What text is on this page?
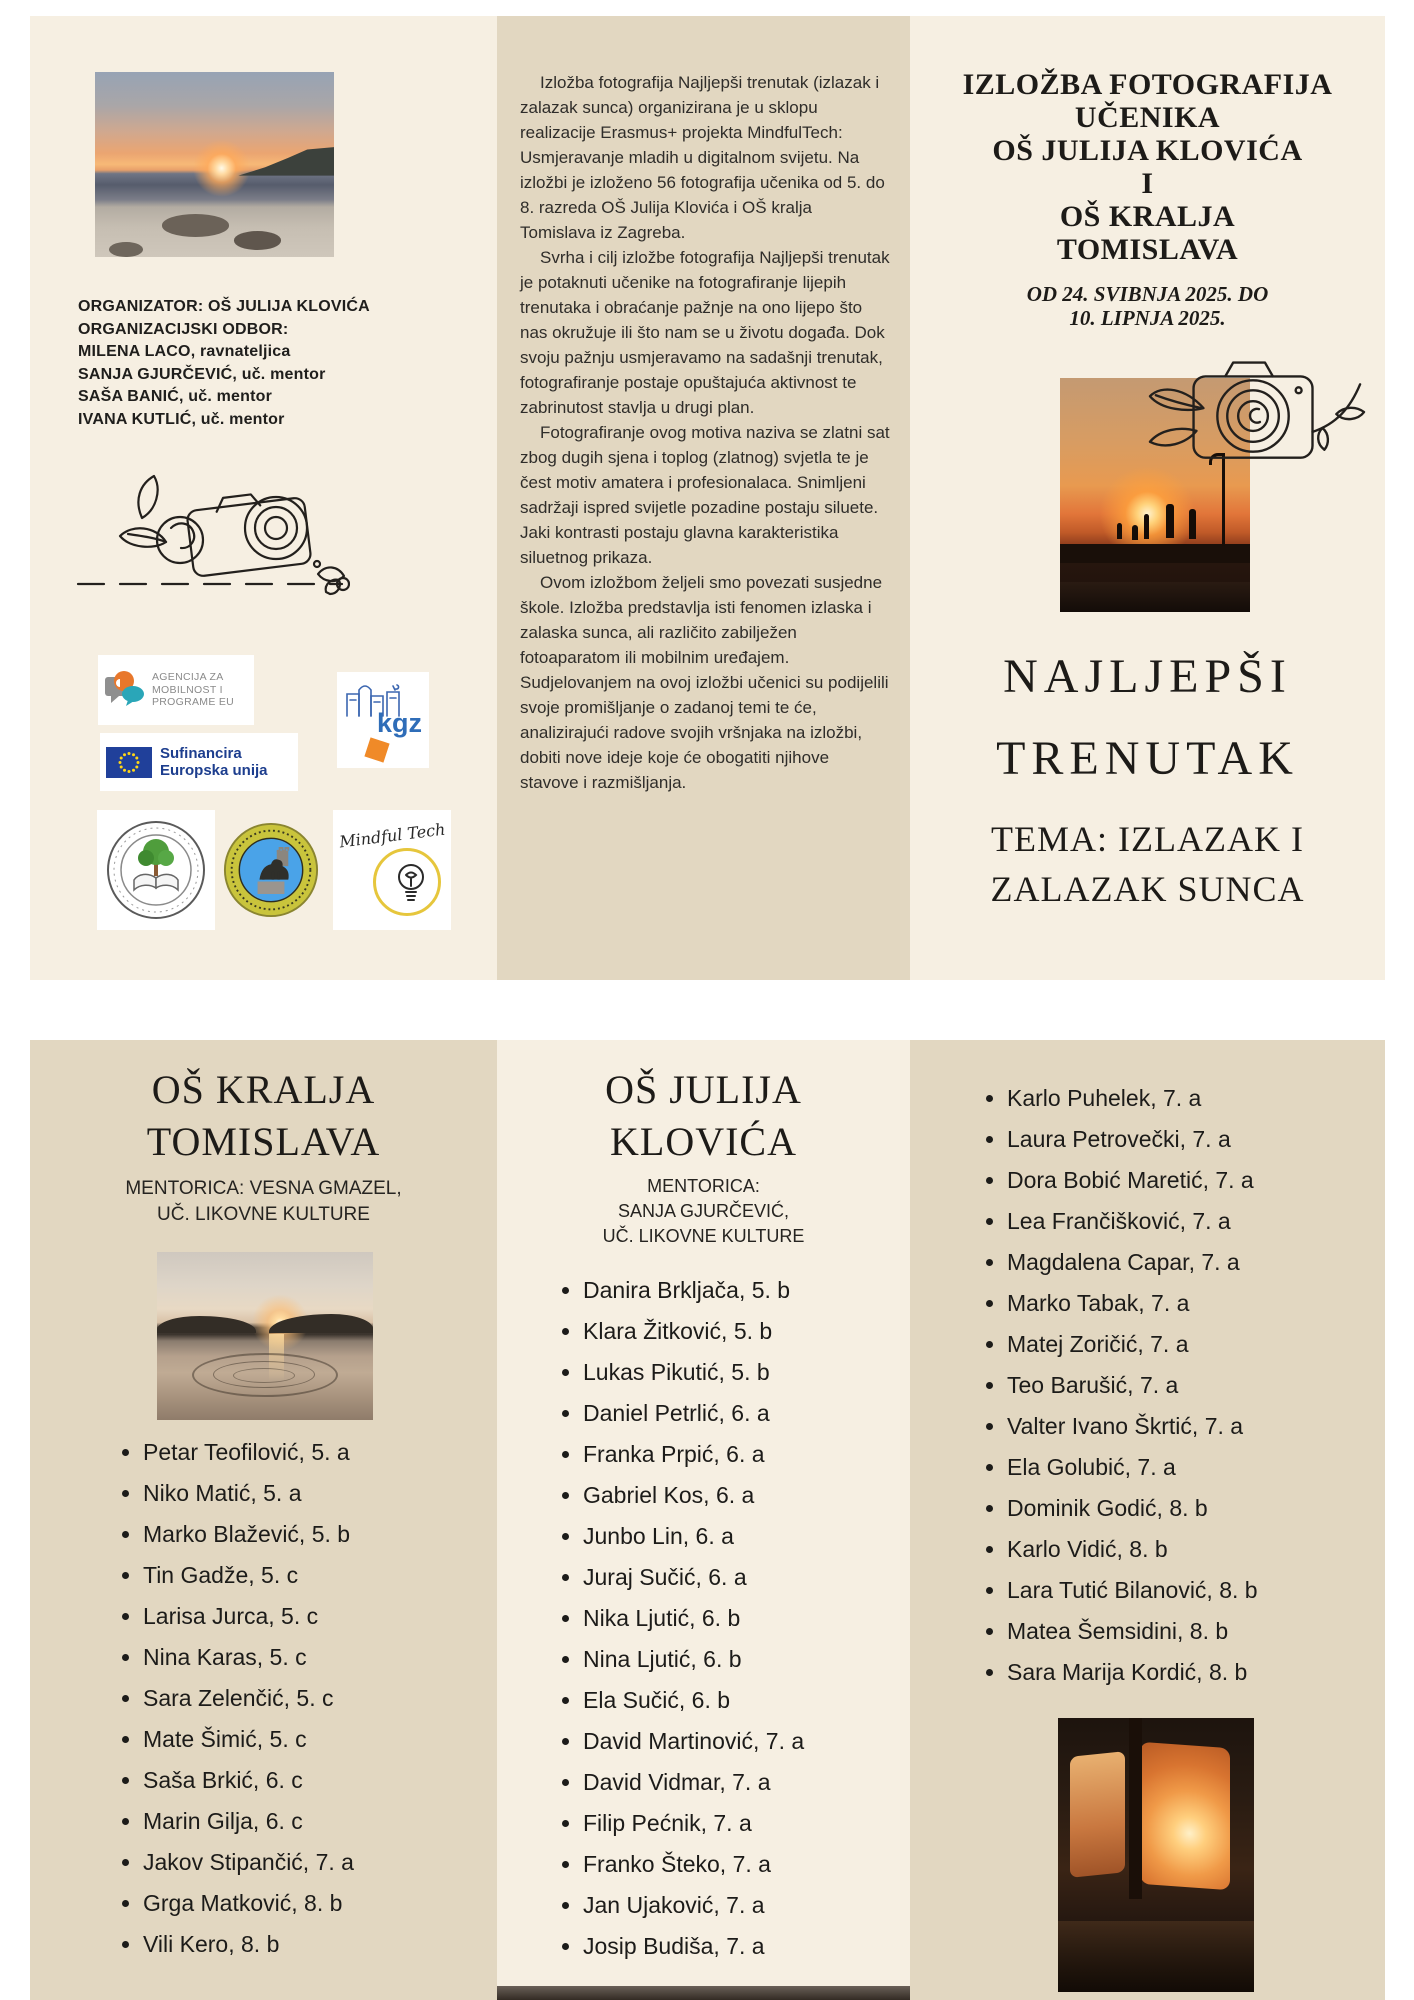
ORGANIZATOR: OŠ JULIJA KLOVIĆA
ORGANIZACIJSKI ODBOR:
MILENA LACO, ravnateljica
SANJA GJURČEVIĆ, uč. mentor
SAŠA BANIĆ, uč. mentor
IVANA KUTLIĆ, uč. mentor
AGENCIJA ZA
MOBILNOST I
PROGRAME EU
kgz
Sufinancira
Europska unija
Mindful Tech

Izložba fotografija Najljepši trenutak (izlazak i zalazak sunca) organizirana je u sklopu realizacije Erasmus+ projekta MindfulTech: Usmjeravanje mladih u digitalnom svijetu. Na izložbi je izloženo 56 fotografija učenika od 5. do 8. razreda OŠ Julija Klovića i OŠ kralja Tomislava iz Zagreba.

Svrha i cilj izložbe fotografija Najljepši trenutak je potaknuti učenike na fotografiranje lijepih trenutaka i obraćanje pažnje na ono lijepo što nas okružuje ili što nam se u životu događa. Dok svoju pažnju usmjeravamo na sadašnji trenutak, fotografiranje postaje opuštajuća aktivnost te zabrinutost stavlja u drugi plan.

Fotografiranje ovog motiva naziva se zlatni sat zbog dugih sjena i toplog (zlatnog) svjetla te je čest motiv amatera i profesionalaca. Snimljeni sadržaji ispred svijetle pozadine postaju siluete. Jaki kontrasti postaju glavna karakteristika siluetnog prikaza.

Ovom izložbom željeli smo povezati susjedne škole. Izložba predstavlja isti fenomen izlaska i zalaska sunca, ali različito zabilježen fotoaparatom ili mobilnim uređajem. Sudjelovanjem na ovoj izložbi učenici su podijelili svoje promišljanje o zadanoj temi te će, analizirajući radove svojih vršnjaka na izložbi, dobiti nove ideje koje će obogatiti njihove stavove i razmišljanja.

IZLOŽBA FOTOGRAFIJA
UČENIKA
OŠ JULIJA KLOVIĆA
I
OŠ KRALJA
TOMISLAVA
OD 24. SVIBNJA 2025. DO
10. LIPNJA 2025.
NAJLJEPŠI
TRENUTAK
TEMA: IZLAZAK I
ZALAZAK SUNCA
OŠ KRALJA
TOMISLAVA
MENTORICA: VESNA GMAZEL,
UČ. LIKOVNE KULTURE
• Petar Teofilović, 5. a
• Niko Matić, 5. a
• Marko Blažević, 5. b
• Tin Gadže, 5. c
• Larisa Jurca, 5. c
• Nina Karas, 5. c
• Sara Zelenčić, 5. c
• Mate Šimić, 5. c
• Saša Brkić, 6. c
• Marin Gilja, 6. c
• Jakov Stipančić, 7. a
• Grga Matković, 8. b
• Vili Kero, 8. b
OŠ JULIJA
KLOVIĆA
MENTORICA:
SANJA GJURČEVIĆ,
UČ. LIKOVNE KULTURE
• Danira Brkljača, 5. b
• Klara Žitković, 5. b
• Lukas Pikutić, 5. b
• Daniel Petrlić, 6. a
• Franka Prpić, 6. a
• Gabriel Kos, 6. a
• Junbo Lin, 6. a
• Juraj Sučić, 6. a
• Nika Ljutić, 6. b
• Nina Ljutić, 6. b
• Ela Sučić, 6. b
• David Martinović, 7. a
• David Vidmar, 7. a
• Filip Pećnik, 7. a
• Franko Šteko, 7. a
• Jan Ujaković, 7. a
• Josip Budiša, 7. a
• Karlo Puhelek, 7. a
• Laura Petrovečki, 7. a
• Dora Bobić Maretić, 7. a
• Lea Frančišković, 7. a
• Magdalena Capar, 7. a
• Marko Tabak, 7. a
• Matej Zoričić, 7. a
• Teo Barušić, 7. a
• Valter Ivano Škrtić, 7. a
• Ela Golubić, 7. a
• Dominik Godić, 8. b
• Karlo Vidić, 8. b
• Lara Tutić Bilanović, 8. b
• Matea Šemsidini, 8. b
• Sara Marija Kordić, 8. b
